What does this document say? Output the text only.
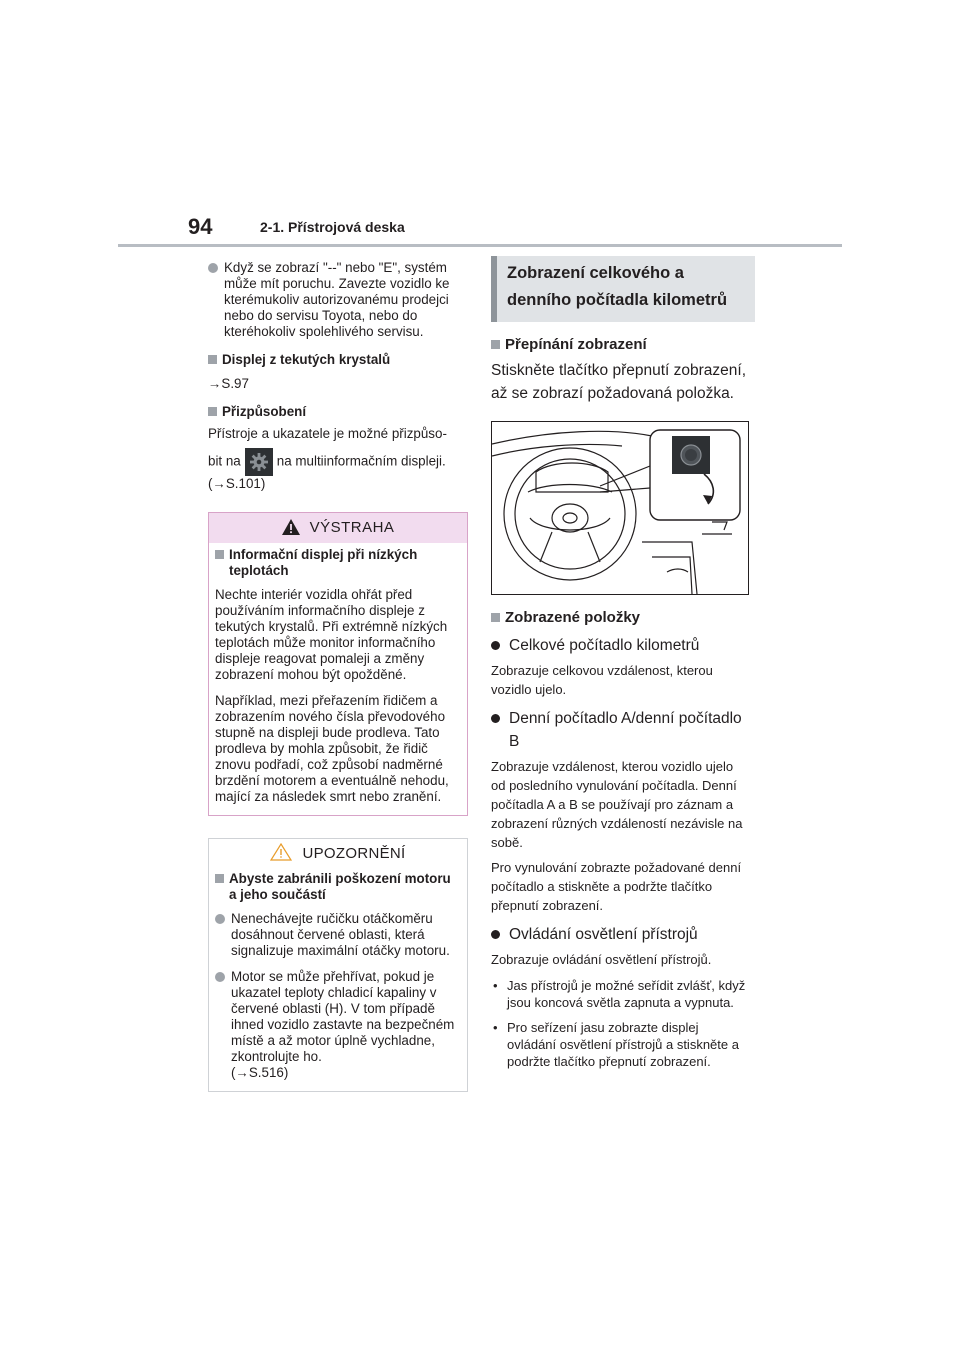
94	2-1. Přístrojová deska
Když se zobrazí "--" nebo "E", systém může mít poruchu. Zavezte vozidlo ke kterémukoliv autorizovanému prodejci nebo do servisu Toyota, nebo do kteréhokoliv spolehlivého servisu.
Displej z tekutých krystalů
→S.97
Přizpůsobení
Přístroje a ukazatele je možné přizpůso-
bit na	na multiinformačním displeji.
(→S.101)
VÝSTRAHA
Informační displej při nízkých teplotách
Nechte interiér vozidla ohřát před používáním informačního displeje z tekutých krystalů. Při extrémně nízkých teplotách může monitor informačního displeje reagovat pomaleji a změny zobrazení mohou být opožděné.
Například, mezi přeřazením řidičem a zobrazením nového čísla převodového stupně na displeji bude prodleva. Tato prodleva by mohla způsobit, že řidič znovu podřadí, což způsobí nadměrné brzdění motorem a eventuálně nehodu, mající za následek smrt nebo zranění.
UPOZORNĚNÍ
Abyste zabránili poškození motoru a jeho součástí
Nenechávejte ručičku otáčkoměru dosáhnout červené oblasti, která signalizuje maximální otáčky motoru.
Motor se může přehřívat, pokud je ukazatel teploty chladicí kapaliny v červené oblasti (H). V tom případě ihned vozidlo zastavte na bezpečném místě a až motor úplně vychladne, zkontrolujte ho.
(→S.516)
Zobrazení celkového a denního počítadla kilometrů
Přepínání zobrazení
Stiskněte tlačítko přepnutí zobrazení, až se zobrazí požadovaná položka.
Zobrazené položky
Celkové počítadlo kilometrů
Zobrazuje celkovou vzdálenost, kterou vozidlo ujelo.
Denní počítadlo A/denní počítadlo B
Zobrazuje vzdálenost, kterou vozidlo ujelo od posledního vynulování počítadla. Denní počítadla A a B se používají pro záznam a zobrazení různých vzdáleností nezávisle na sobě.
Pro vynulování zobrazte požadované denní počítadlo a stiskněte a podržte tlačítko přepnutí zobrazení.
Ovládání osvětlení přístrojů
Zobrazuje ovládání osvětlení přístrojů.
• Jas přístrojů je možné seřídit zvlášť, když jsou koncová světla zapnuta a vypnuta.
• Pro seřízení jasu zobrazte displej ovládání osvětlení přístrojů a stiskněte a podržte tlačítko přepnutí zobrazení.
